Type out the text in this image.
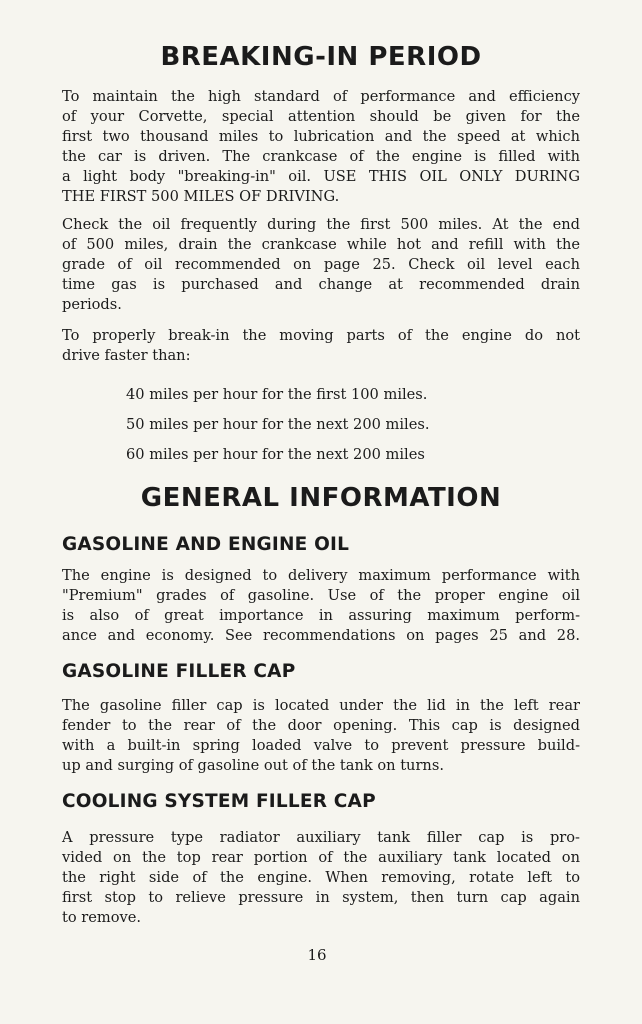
BREAKING-IN PERIOD
To maintain the high standard of performance and efficiency
of your Corvette, special attention should be given for the
first two thousand miles to lubrication and the speed at which
the car is driven. The crankcase of the engine is filled with
a light body "breaking-in" oil. USE THIS OIL ONLY DURING
THE FIRST 500 MILES OF DRIVING.
Check the oil frequently during the first 500 miles. At the end
of 500 miles, drain the crankcase while hot and refill with the
grade of oil recommended on page 25. Check oil level each
time gas is purchased and change at recommended drain
periods.
To properly break-in the moving parts of the engine do not
drive faster than:
40 miles per hour for the first 100 miles.
50 miles per hour for the next 200 miles.
60 miles per hour for the next 200 miles
GENERAL INFORMATION
GASOLINE AND ENGINE OIL
The engine is designed to delivery maximum performance with
"Premium" grades of gasoline. Use of the proper engine oil
is also of great importance in assuring maximum perform-
ance and economy. See recommendations on pages 25 and 28.
GASOLINE FILLER CAP
The gasoline filler cap is located under the lid in the left rear
fender to the rear of the door opening. This cap is designed
with a built-in spring loaded valve to prevent pressure build-
up and surging of gasoline out of the tank on turns.
COOLING SYSTEM FILLER CAP
A pressure type radiator auxiliary tank filler cap is pro-
vided on the top rear portion of the auxiliary tank located on
the right side of the engine. When removing, rotate left to
first stop to relieve pressure in system, then turn cap again
to remove.
16
